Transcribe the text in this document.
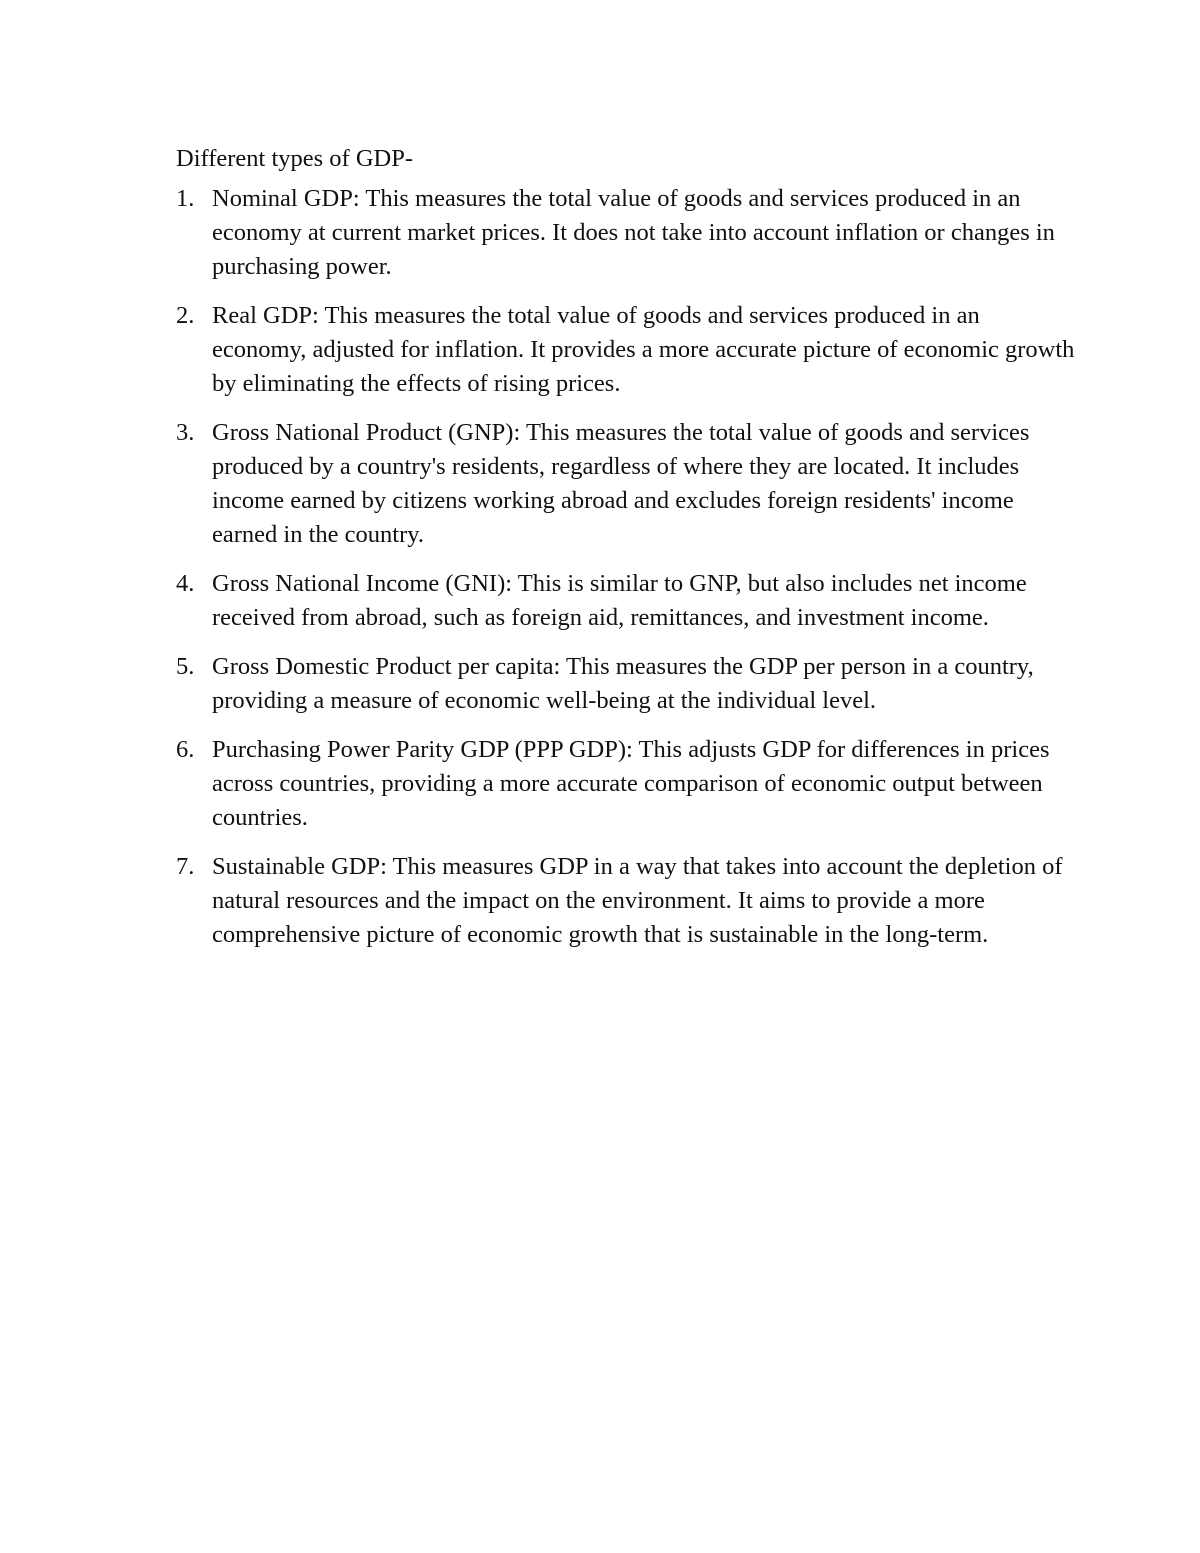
Different types of GDP-

1. Nominal GDP: This measures the total value of goods and services produced in an economy at current market prices. It does not take into account inflation or changes in purchasing power.
2. Real GDP: This measures the total value of goods and services produced in an economy, adjusted for inflation. It provides a more accurate picture of economic growth by eliminating the effects of rising prices.
3. Gross National Product (GNP): This measures the total value of goods and services produced by a country's residents, regardless of where they are located. It includes income earned by citizens working abroad and excludes foreign residents' income earned in the country.
4. Gross National Income (GNI): This is similar to GNP, but also includes net income received from abroad, such as foreign aid, remittances, and investment income.
5. Gross Domestic Product per capita: This measures the GDP per person in a country, providing a measure of economic well-being at the individual level.
6. Purchasing Power Parity GDP (PPP GDP): This adjusts GDP for differences in prices across countries, providing a more accurate comparison of economic output between countries.
7. Sustainable GDP: This measures GDP in a way that takes into account the depletion of natural resources and the impact on the environment. It aims to provide a more comprehensive picture of economic growth that is sustainable in the long-term.
